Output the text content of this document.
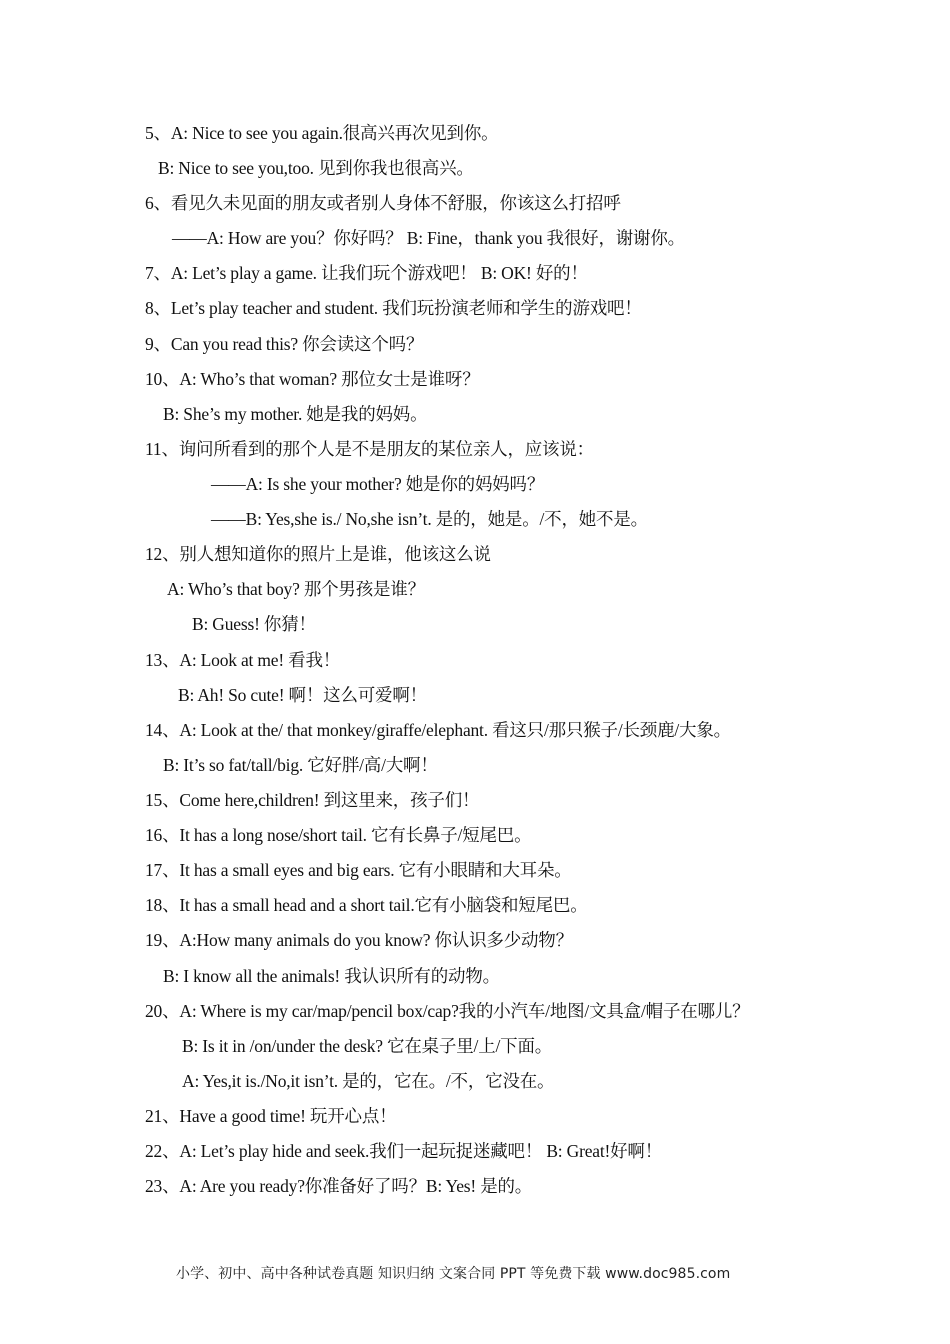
5、A: Nice to see you again.很高兴再次见到你。
B: Nice to see you,too. 见到你我也很高兴。
6、看见久未见面的朋友或者别人身体不舒服，你该这么打招呼
——A: How are you？你好吗？ B: Fine，thank you 我很好，谢谢你。
7、A: Let’s play a game. 让我们玩个游戏吧！ B: OK! 好的！
8、Let’s play teacher and student. 我们玩扮演老师和学生的游戏吧！
9、Can you read this? 你会读这个吗？
10、A: Who’s that woman? 那位女士是谁呀？
B: She’s my mother. 她是我的妈妈。
11、询问所看到的那个人是不是朋友的某位亲人，应该说：
——A: Is she your mother? 她是你的妈妈吗？
——B: Yes,she is./ No,she isn’t. 是的，她是。/不，她不是。
12、别人想知道你的照片上是谁，他该这么说
A: Who’s that boy? 那个男孩是谁？
B: Guess! 你猜！
13、A: Look at me! 看我！
B: Ah! So cute! 啊！这么可爱啊！
14、A: Look at the/ that monkey/giraffe/elephant. 看这只/那只猴子/长颈鹿/大象。
B: It’s so fat/tall/big. 它好胖/高/大啊！
15、Come here,children! 到这里来，孩子们！
16、It has a long nose/short tail. 它有长鼻子/短尾巴。
17、It has a small eyes and big ears. 它有小眼睛和大耳朵。
18、It has a small head and a short tail.它有小脑袋和短尾巴。
19、A:How many animals do you know? 你认识多少动物？
B: I know all the animals! 我认识所有的动物。
20、A: Where is my car/map/pencil box/cap?我的小汽车/地图/文具盒/帽子在哪儿？
B: Is it in /on/under the desk? 它在桌子里/上/下面。
A: Yes,it is./No,it isn’t. 是的，它在。/不，它没在。
21、Have a good time! 玩开心点！
22、A: Let’s play hide and seek.我们一起玩捉迷藏吧！ B: Great!好啊！
23、A: Are you ready?你准备好了吗？B: Yes! 是的。
小学、初中、高中各种试卷真题 知识归纳 文案合同 PPT 等免费下载 www.doc985.com
